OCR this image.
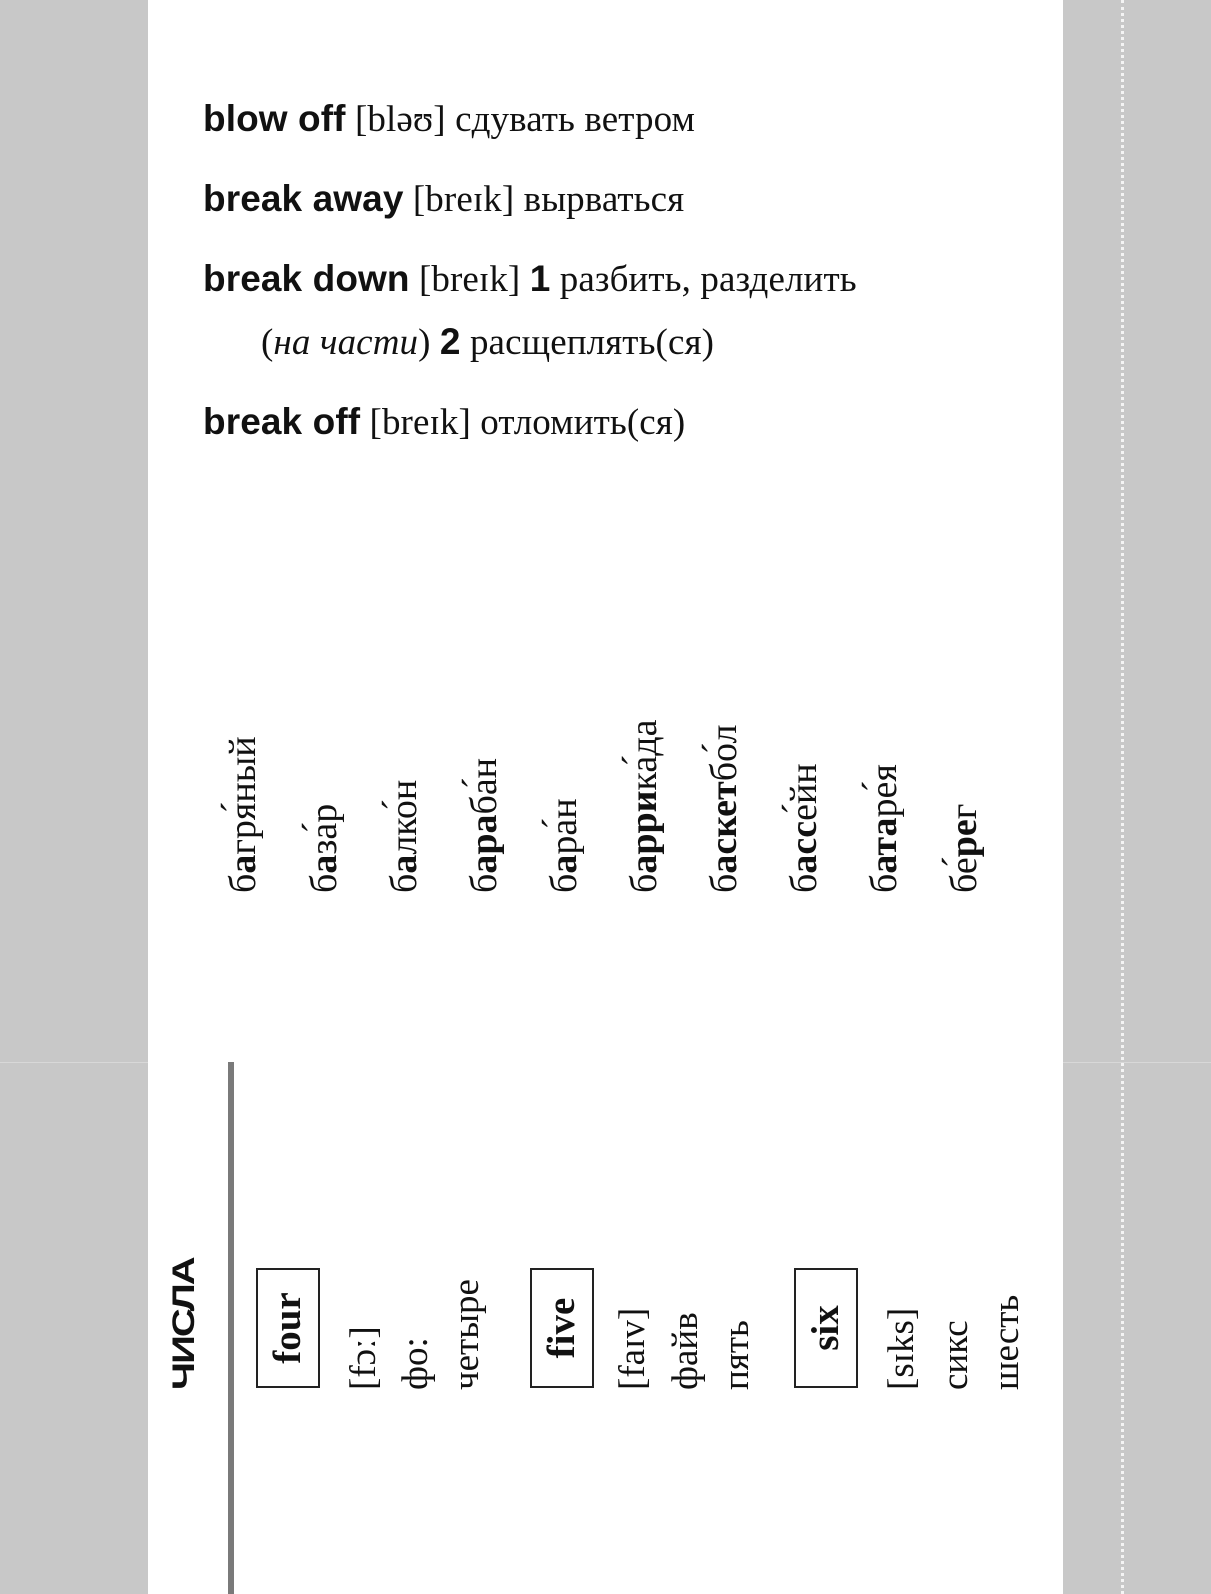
blow off [bləʊ] сдувать ветром
break away [breɪk] вырваться
break down [breɪk] 1 разбить, разделить
(на части) 2 расщеплять(ся)
break off [breɪk] отломить(ся)
багря́ный
база́р
балко́н
бараба́н
бара́н
баррика́да
баскетбо́л
бассе́йн
батаре́я
бе́рег
ЧИСЛА four [fɔː] фо: четыре five [faɪv] файв пять six [sɪks] сикс шесть
